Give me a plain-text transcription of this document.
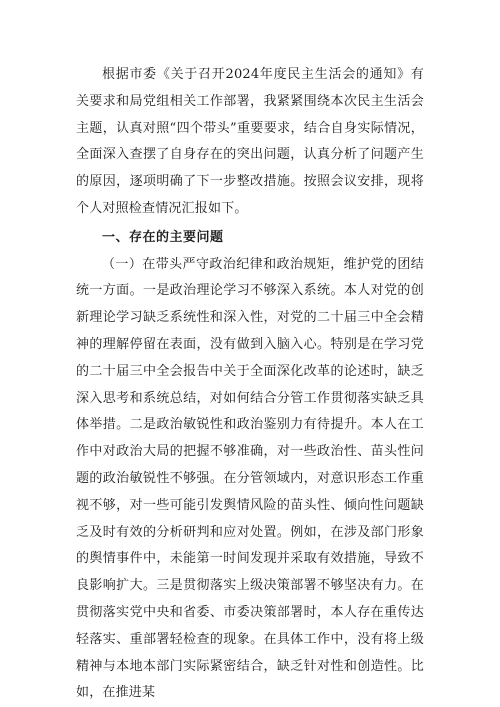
根据市委《关于召开2024年度民主生活会的通知》有关要求和局党组相关工作部署，我紧紧围绕本次民主生活会主题，认真对照“四个带头”重要要求，结合自身实际情况，全面深入查摆了自身存在的突出问题，认真分析了问题产生的原因，逐项明确了下一步整改措施。按照会议安排，现将个人对照检查情况汇报如下。

一、存在的主要问题

（一）在带头严守政治纪律和政治规矩，维护党的团结统一方面。一是政治理论学习不够深入系统。本人对党的创新理论学习缺乏系统性和深入性，对党的二十届三中全会精神的理解停留在表面，没有做到入脑入心。特别是在学习党的二十届三中全会报告中关于全面深化改革的论述时，缺乏深入思考和系统总结，对如何结合分管工作贯彻落实缺乏具体举措。二是政治敏锐性和政治鉴别力有待提升。本人在工作中对政治大局的把握不够准确，对一些政治性、苗头性问题的政治敏锐性不够强。在分管领域内，对意识形态工作重视不够，对一些可能引发舆情风险的苗头性、倾向性问题缺乏及时有效的分析研判和应对处置。例如，在涉及部门形象的舆情事件中，未能第一时间发现并采取有效措施，导致不良影响扩大。三是贯彻落实上级决策部署不够坚决有力。在贯彻落实党中央和省委、市委决策部署时，本人存在重传达轻落实、重部署轻检查的现象。在具体工作中，没有将上级精神与本地本部门实际紧密结合，缺乏针对性和创造性。比如，在推进某
